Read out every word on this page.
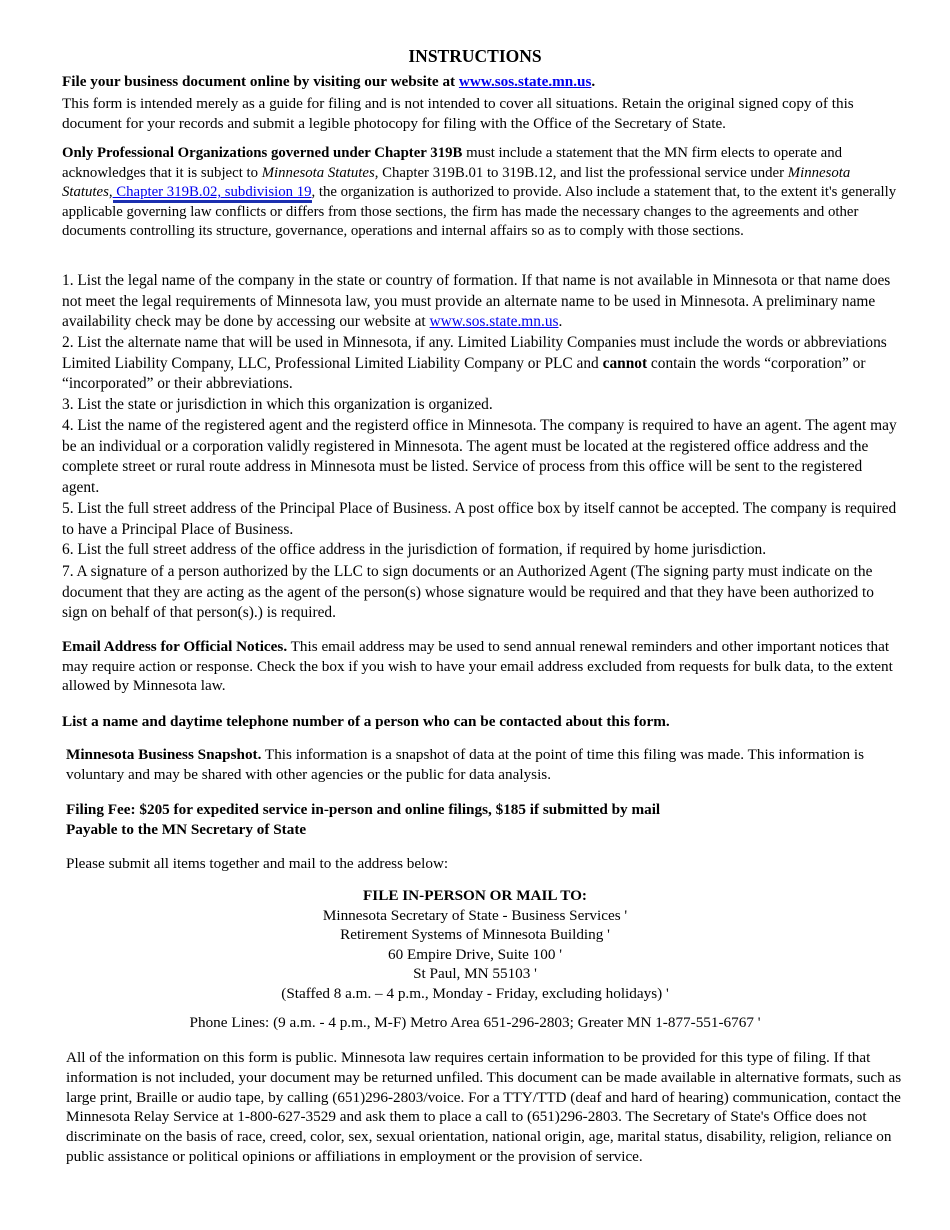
INSTRUCTIONS

File your business document online by visiting our website at www.sos.state.mn.us.

This form is intended merely as a guide for filing and is not intended to cover all situations. Retain the original signed copy of this document for your records and submit a legible photocopy for filing with the Office of the Secretary of State.

Only Professional Organizations governed under Chapter 319B must include a statement that the MN firm elects to operate and acknowledges that it is subject to Minnesota Statutes, Chapter 319B.01 to 319B.12, and list the professional service under Minnesota Statutes, Chapter 319B.02, subdivision 19, the organization is authorized to provide. Also include a statement that, to the extent it's generally applicable governing law conflicts or differs from those sections, the firm has made the necessary changes to the agreements and other documents controlling its structure, governance, operations and internal affairs so as to comply with those sections.

1. List the legal name of the company in the state or country of formation. If that name is not available in Minnesota or that name does not meet the legal requirements of Minnesota law, you must provide an alternate name to be used in Minnesota. A preliminary name availability check may be done by accessing our website at www.sos.state.mn.us.

2. List the alternate name that will be used in Minnesota, if any. Limited Liability Companies must include the words or abbreviations Limited Liability Company, LLC, Professional Limited Liability Company or PLC and cannot contain the words “corporation” or “incorporated” or their abbreviations.

3. List the state or jurisdiction in which this organization is organized.

4. List the name of the registered agent and the registerd office in Minnesota. The company is required to have an agent. The agent may be an individual or a corporation validly registered in Minnesota. The agent must be located at the registered office address and the complete street or rural route address in Minnesota must be listed. Service of process from this office will be sent to the registered agent.

5. List the full street address of the Principal Place of Business. A post office box by itself cannot be accepted. The company is required to have a Principal Place of Business.

6. List the full street address of the office address in the jurisdiction of formation, if required by home jurisdiction.

7. A signature of a person authorized by the LLC to sign documents or an Authorized Agent (The signing party must indicate on the document that they are acting as the agent of the person(s) whose signature would be required and that they have been authorized to sign on behalf of that person(s).) is required.

Email Address for Official Notices. This email address may be used to send annual renewal reminders and other important notices that may require action or response. Check the box if you wish to have your email address excluded from requests for bulk data, to the extent allowed by Minnesota law.

List a name and daytime telephone number of a person who can be contacted about this form.

Minnesota Business Snapshot. This information is a snapshot of data at the point of time this filing was made. This information is voluntary and may be shared with other agencies or the public for data analysis.

Filing Fee: $205 for expedited service in-person and online filings, $185 if submitted by mail
Payable to the MN Secretary of State

Please submit all items together and mail to the address below:

FILE IN-PERSON OR MAIL TO:

Minnesota Secretary of State - Business Services '

Retirement Systems of Minnesota Building '

60 Empire Drive, Suite 100 '

St Paul, MN 55103 '

(Staffed 8 a.m. – 4 p.m., Monday - Friday, excluding holidays) '

Phone Lines: (9 a.m. - 4 p.m., M-F) Metro Area 651-296-2803; Greater MN 1-877-551-6767 '

All of the information on this form is public. Minnesota law requires certain information to be provided for this type of filing. If that information is not included, your document may be returned unfiled. This document can be made available in alternative formats, such as large print, Braille or audio tape, by calling (651)296-2803/voice. For a TTY/TTD (deaf and hard of hearing) communication, contact the Minnesota Relay Service at 1-800-627-3529 and ask them to place a call to (651)296-2803. The Secretary of State's Office does not discriminate on the basis of race, creed, color, sex, sexual orientation, national origin, age, marital status, disability, religion, reliance on public assistance or political opinions or affiliations in employment or the provision of service.
